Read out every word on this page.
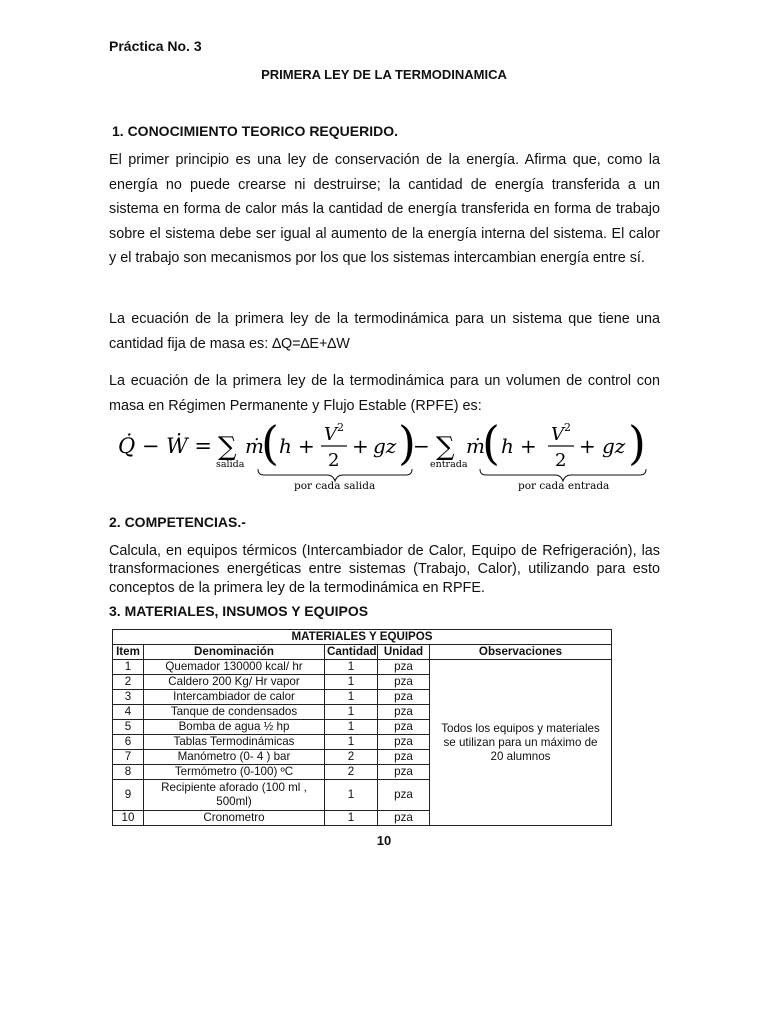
Práctica No. 3
PRIMERA LEY DE LA TERMODINAMICA
1. CONOCIMIENTO TEORICO REQUERIDO.
El primer principio es una ley de conservación de la energía. Afirma que, como la energía no puede crearse ni destruirse; la cantidad de energía transferida a un sistema en forma de calor más la cantidad de energía transferida en forma de trabajo sobre el sistema debe ser igual al aumento de la energía interna del sistema. El calor y el trabajo son mecanismos por los que los sistemas intercambian energía entre sí.
La ecuación de la primera ley de la termodinámica para un sistema que tiene una cantidad fija de masa es: ∆Q=∆E+∆W
La ecuación de la primera ley de la termodinámica para un volumen de control con masa en Régimen Permanente y Flujo Estable (RPFE) es:
Q̇ − Ẇ = ∑
salida
ṁ
( h + V 2
2
+ gz )
− ∑
entrada
ṁ
( h + V 2
2
+ gz )
por cada salida	por cada entrada
2. COMPETENCIAS.-
Calcula, en equipos térmicos (Intercambiador de Calor, Equipo de Refrigeración), las transformaciones energéticas entre sistemas (Trabajo, Calor), utilizando para esto conceptos de la primera ley de la termodinámica en RPFE.
3. MATERIALES, INSUMOS Y EQUIPOS
MATERIALES Y EQUIPOS				
Item	Denominación	Cantidad	Unidad	Observaciones
1	Quemador 130000 kcal/ hr	1	pza	Todos los equipos y materiales se utilizan para un máximo de 20 alumnos
2	Caldero 200 Kg/ Hr vapor	1	pza	
3	Intercambiador de calor	1	pza	
4	Tanque de condensados	1	pza	
5	Bomba de agua ½ hp	1	pza	
6	Tablas Termodinámicas	1	pza	
7	Manómetro (0- 4 ) bar	2	pza	
8	Termómetro (0-100) ºC	2	pza	
9	Recipiente aforado (100 ml , 500ml)	1	pza	
10	Cronometro	1	pza	
10
